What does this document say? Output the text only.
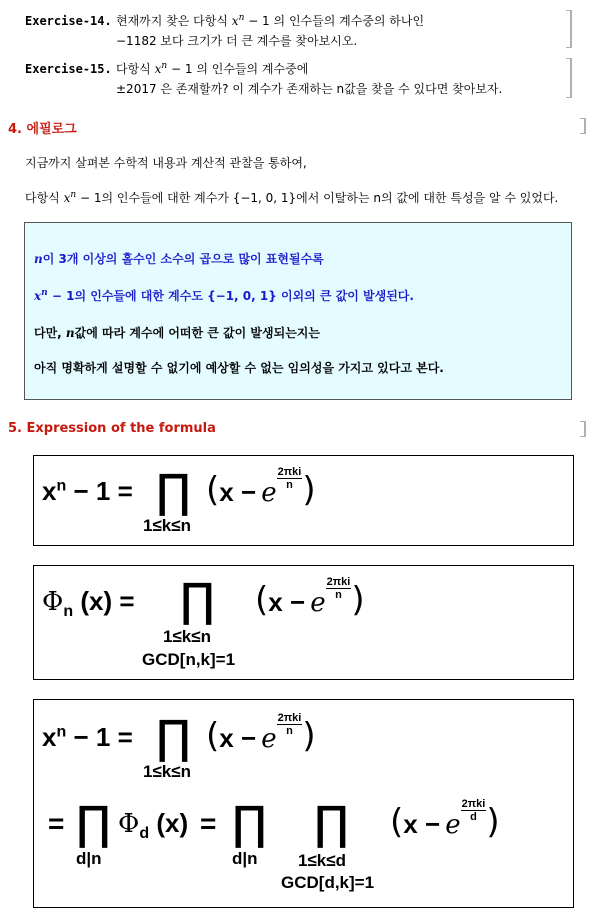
Exercise-14. 현재까지 찾은 다항식 $x^n - 1$ 의 인수들의 계수중의 하나인
−1182 보다 크기가 더 큰 계수를 찾아보시오.
Exercise-15. 다항식 $x^n - 1$ 의 인수들의 계수중에
±2017 은 존재할까? 이 계수가 존재하는 n값을 찾을 수 있다면 찾아보자.
4. 에필로그
지금까지 살펴본 수학적 내용과 계산적 관찰을 통하여,
다항식 $x^n - 1$의 인수들에 대한 계수가 {−1, 0, 1}에서 이탈하는 n의 값에 대한 특성을 알 수 있었다.
n이 3개 이상의 홀수인 소수의 곱으로 많이 표현될수록
$x^n - 1$의 인수들에 대한 계수도 {−1, 0, 1} 이외의 큰 값이 발생된다.
다만, n값에 따라 계수에 어떠한 큰 값이 발생되는지는
아직 명확하게 설명할 수 없기에 예상할 수 없는 임의성을 가지고 있다고 본다.
5. Expression of the formula
$x^n - 1$ = ∏
1≤k≤n
(x − e $\frac{\text{2πki}}{n}$ )
$\Phi_n$ (x) = ∏
1≤k≤n
GCD[n,k]=1
(x − e $\frac{\text{2πki}}{n}$ )
$x^n - 1$ = ∏
1≤k≤n
(x − e $\frac{\text{2πki}}{n}$ )
= ∏
d|n
$\Phi_d$ (x) = ∏
d|n
∏
1≤k≤d
GCD[d,k]=1
(x − e $\frac{\text{2πki}}{d}$ )
